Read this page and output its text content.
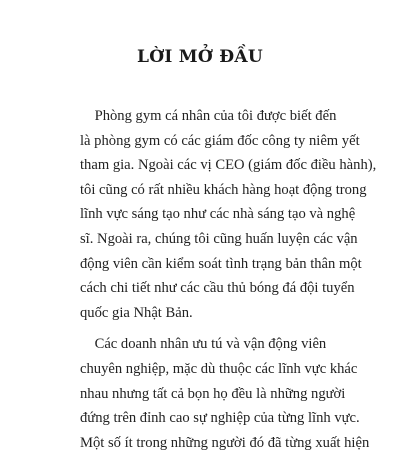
LỜI MỞ ĐẦU
Phòng gym cá nhân của tôi được biết đến
là phòng gym có các giám đốc công ty niêm yết
tham gia. Ngoài các vị CEO (giám đốc điều hành),
tôi cũng có rất nhiều khách hàng hoạt động trong
lĩnh vực sáng tạo như các nhà sáng tạo và nghệ
sĩ. Ngoài ra, chúng tôi cũng huấn luyện các vận
động viên cần kiểm soát tình trạng bản thân một
cách chi tiết như các cầu thủ bóng đá đội tuyển
quốc gia Nhật Bản.
Các doanh nhân ưu tú và vận động viên
chuyên nghiệp, mặc dù thuộc các lĩnh vực khác
nhau nhưng tất cả bọn họ đều là những người
đứng trên đỉnh cao sự nghiệp của từng lĩnh vực.
Một số ít trong những người đó đã từng xuất hiện
